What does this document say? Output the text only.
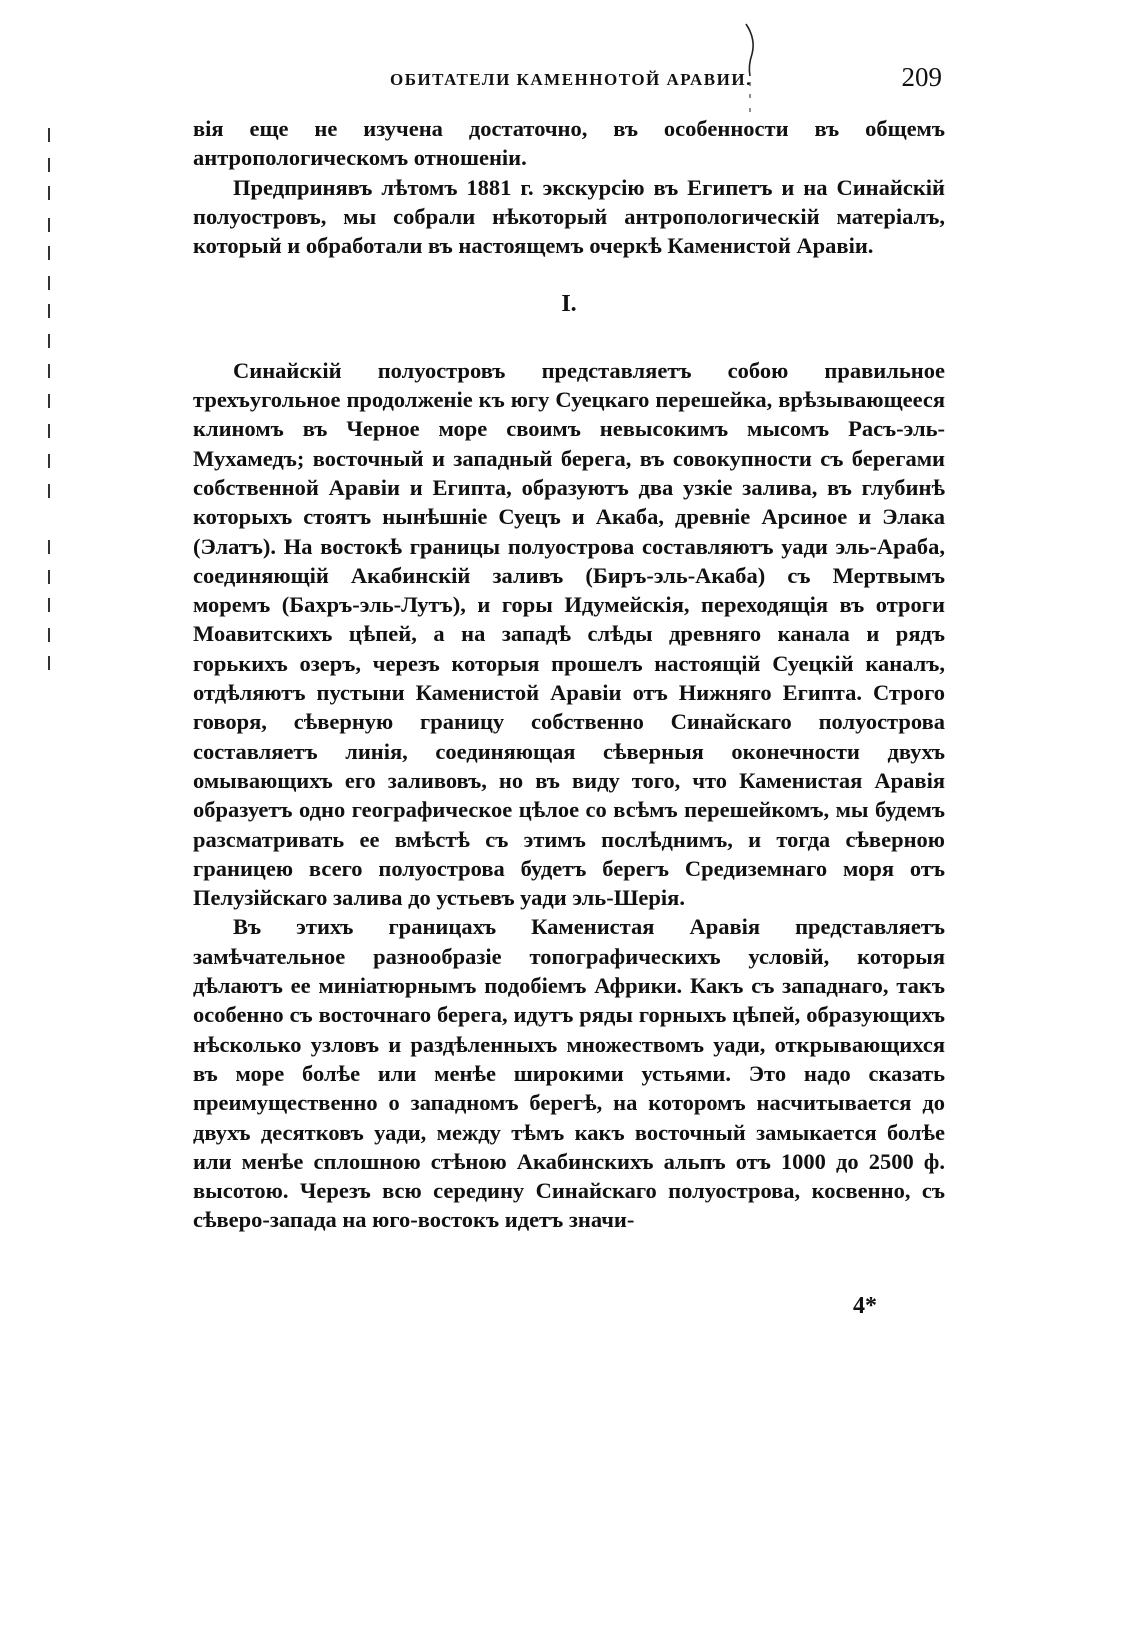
ОБИТАТЕЛИ КАМЕННОТОЙ АРАВИИ.	209

вія еще не изучена достаточно, въ особенности въ общемъ антропологическомъ отношеніи.

Предпринявъ лѣтомъ 1881 г. экскурсію въ Египетъ и на Синайскій полуостровъ, мы собрали нѣкоторый антропологическій матеріалъ, который и обработали въ настоящемъ очеркѣ Каменистой Аравіи.

I.

Синайскій полуостровъ представляетъ собою правильное трехъугольное продолженіе къ югу Суецкаго перешейка, врѣзывающееся клиномъ въ Черное море своимъ невысокимъ мысомъ Расъ-эль-Мухамедъ; восточный и западный берега, въ совокупности съ берегами собственной Аравіи и Египта, образуютъ два узкіе залива, въ глубинѣ которыхъ стоятъ нынѣшніе Суецъ и Акаба, древніе Арсиное и Элака (Элатъ). На востокѣ границы полуострова составляютъ уади эль-Араба, соединяющій Акабинскій заливъ (Биръ-эль-Акаба) съ Мертвымъ моремъ (Бахръ-эль-Лутъ), и горы Идумейскія, переходящія въ отроги Моавитскихъ цѣпей, а на западѣ слѣды древняго канала и рядъ горькихъ озеръ, черезъ которыя прошелъ настоящій Суецкій каналъ, отдѣляютъ пустыни Каменистой Аравіи отъ Нижняго Египта. Строго говоря, сѣверную границу собственно Синайскаго полуострова составляетъ линія, соединяющая сѣверныя оконечности двухъ омывающихъ его заливовъ, но въ виду того, что Каменистая Аравія образуетъ одно географическое цѣлое со всѣмъ перешейкомъ, мы будемъ разсматривать ее вмѣстѣ съ этимъ послѣднимъ, и тогда сѣверною границею всего полуострова будетъ берегъ Средиземнаго моря отъ Пелузійскаго залива до устьевъ уади эль-Шерія.

Въ этихъ границахъ Каменистая Аравія представляетъ замѣчательное разнообразіе топографическихъ условій, которыя дѣлаютъ ее миніатюрнымъ подобіемъ Африки. Какъ съ западнаго, такъ особенно съ восточнаго берега, идутъ ряды горныхъ цѣпей, образующихъ нѣсколько узловъ и раздѣленныхъ множествомъ уади, открывающихся въ море болѣе или менѣе широкими устьями. Это надо сказать преимущественно о западномъ берегѣ, на которомъ насчитывается до двухъ десятковъ уади, между тѣмъ какъ восточный замыкается болѣе или менѣе сплошною стѣною Акабинскихъ альпъ отъ 1000 до 2500 ф. высотою. Черезъ всю середину Синайскаго полуострова, косвенно, съ сѣверо-запада на юго-востокъ идетъ значи-

4*
